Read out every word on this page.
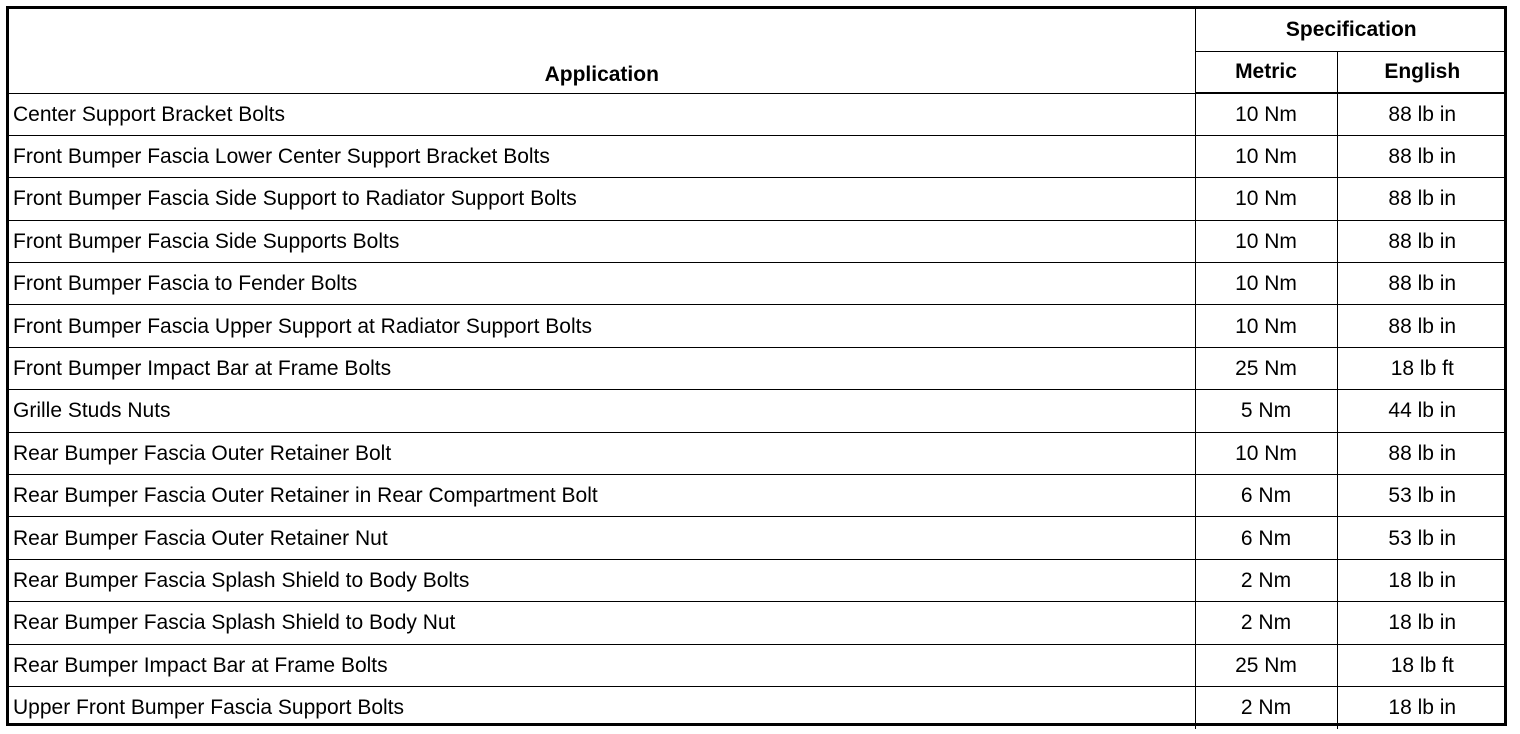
Application	Specification	
	Metric	English
Center Support Bracket Bolts	10 Nm	88 lb in
Front Bumper Fascia Lower Center Support Bracket Bolts	10 Nm	88 lb in
Front Bumper Fascia Side Support to Radiator Support Bolts	10 Nm	88 lb in
Front Bumper Fascia Side Supports Bolts	10 Nm	88 lb in
Front Bumper Fascia to Fender Bolts	10 Nm	88 lb in
Front Bumper Fascia Upper Support at Radiator Support Bolts	10 Nm	88 lb in
Front Bumper Impact Bar at Frame Bolts	25 Nm	18 lb ft
Grille Studs Nuts	5 Nm	44 lb in
Rear Bumper Fascia Outer Retainer Bolt	10 Nm	88 lb in
Rear Bumper Fascia Outer Retainer in Rear Compartment Bolt	6 Nm	53 lb in
Rear Bumper Fascia Outer Retainer Nut	6 Nm	53 lb in
Rear Bumper Fascia Splash Shield to Body Bolts	2 Nm	18 lb in
Rear Bumper Fascia Splash Shield to Body Nut	2 Nm	18 lb in
Rear Bumper Impact Bar at Frame Bolts	25 Nm	18 lb ft
Upper Front Bumper Fascia Support Bolts	2 Nm	18 lb in
